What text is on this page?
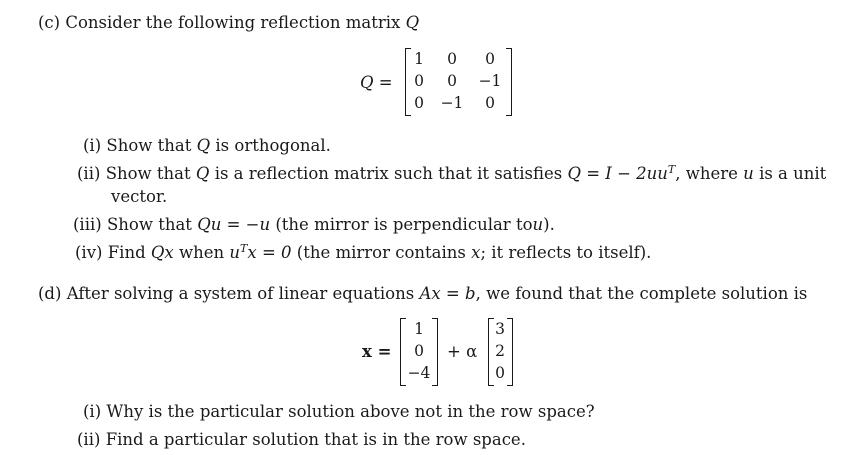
(c) Consider the following reflection matrix Q
Q =
1	0	0
0	0	−1
0 −1	0
(i) Show that Q is orthogonal.
(ii) Show that Q is a reflection matrix such that it satisfies $Q = I - 2uu^T$, where u is a unit
vector.
(iii) Show that Qu = −u (the mirror is perpendicular tou).
(iv) Find Qx when $u^Tx = 0$ (the mirror contains x; it reflects to itself).
(d) After solving a system of linear equations Ax = b, we found that the complete solution is
x =
1
0
−4
+ α
3
2
0
(i) Why is the particular solution above not in the row space?
(ii) Find a particular solution that is in the row space.
